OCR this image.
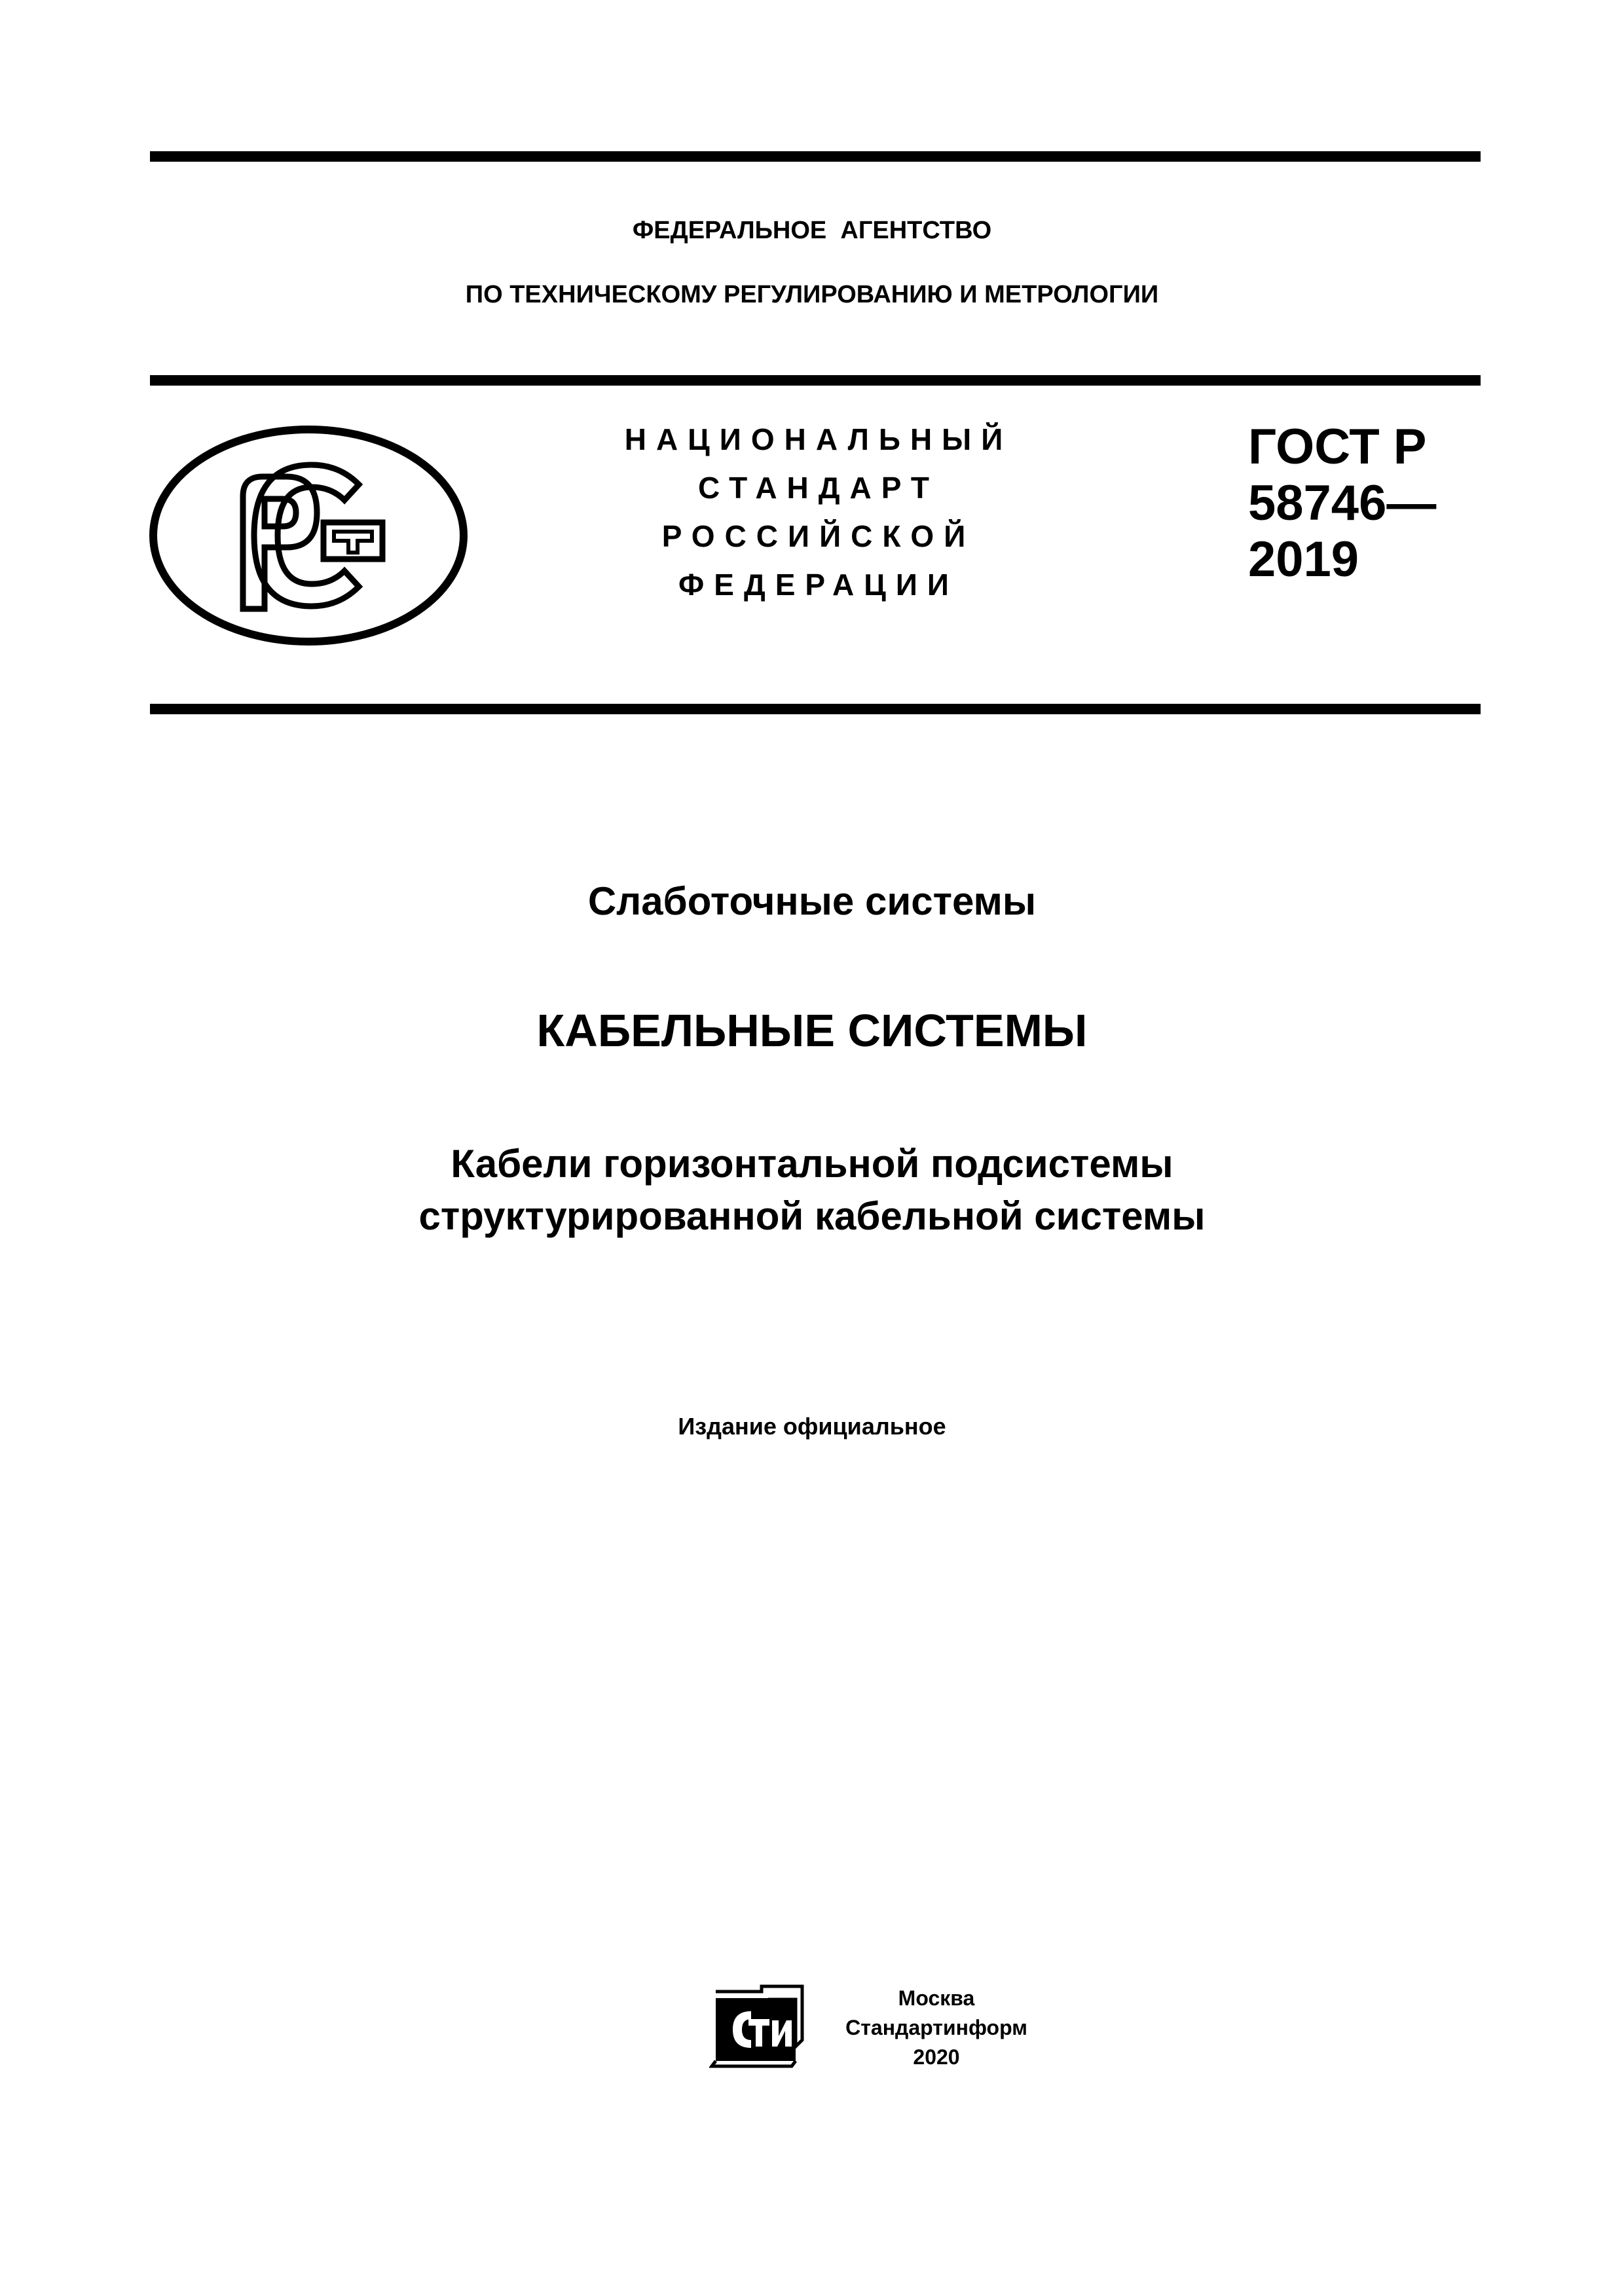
ФЕДЕРАЛЬНОЕ  АГЕНТСТВО
ПО ТЕХНИЧЕСКОМУ РЕГУЛИРОВАНИЮ И МЕТРОЛОГИИ
НАЦИОНАЛЬНЫЙ
СТАНДАРТ
РОССИЙСКОЙ
ФЕДЕРАЦИИ
ГОСТ Р
58746—
2019
Слаботочные системы
КАБЕЛЬНЫЕ СИСТЕМЫ
Кабели горизонтальной подсистемы
структурированной кабельной системы
Издание официальное
Москва
Стандартинформ
2020
